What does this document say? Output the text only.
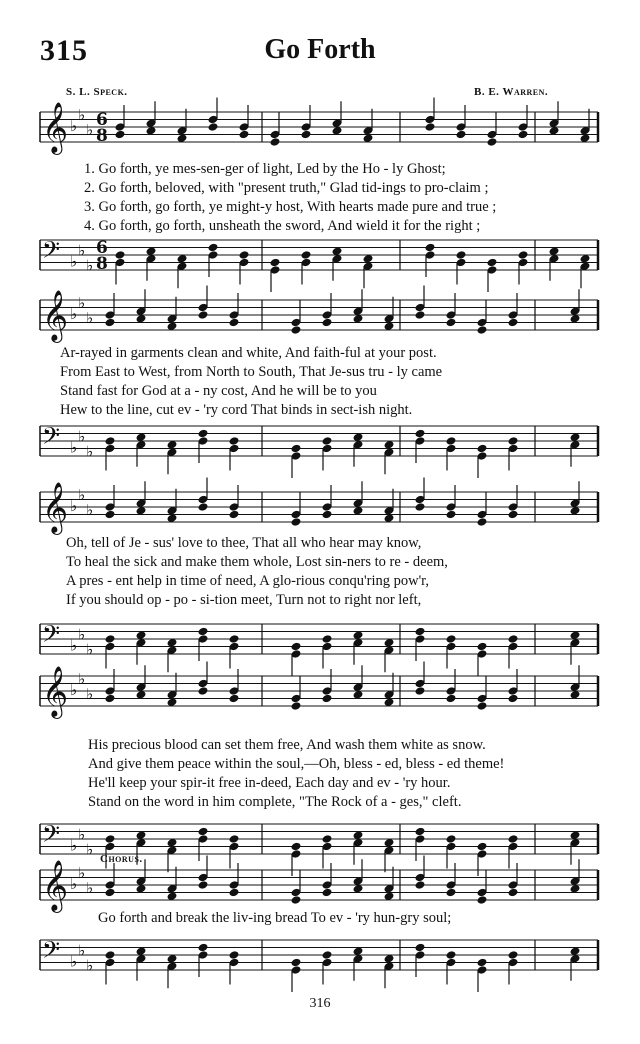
315	Go Forth
S. L. Speck.	B. E. Warren.
𝄞 ♭
♭
♭ 6
8
1. Go forth, ye mes-sen-ger of light, Led by the Ho - ly Ghost;
2. Go forth, beloved, with "present truth," Glad tid-ings to pro-claim ;
3. Go forth, go forth, ye might-y host, With hearts made pure and true ;
4. Go forth, go forth, unsheath the sword, And wield it for the right ;
𝄢 ♭
♭
♭
6
8
𝄞 ♭
♭
♭
Ar-rayed in garments clean and white, And faith-ful at your post.
From East to West, from North to South, That Je-sus tru - ly came
Stand fast for God at a - ny cost, And he will be to you
Hew to the line, cut ev - 'ry cord That binds in sect-ish night.
𝄢 ♭
♭
♭
𝄞 ♭
♭
♭
Oh, tell of Je - sus' love to thee, That all who hear may know,
To heal the sick and make them whole, Lost sin-ners to re - deem,
A pres - ent help in time of need, A glo-rious conqu'ring pow'r,
If you should op - po - si-tion meet, Turn not to right nor left,
𝄢 ♭
♭
♭
𝄞 ♭
♭
♭
His precious blood can set them free, And wash them white as snow.
And give them peace within the soul,—Oh, bless - ed, bless - ed theme!
He'll keep your spir-it free in-deed, Each day and ev - 'ry hour.
Stand on the word in him complete, "The Rock of a - ges," cleft.
𝄢 ♭
♭
♭
Chorus.
𝄞 ♭
♭
♭
Go forth and break the liv-ing bread To ev - 'ry hun-gry soul;
𝄢 ♭
♭
♭
316
